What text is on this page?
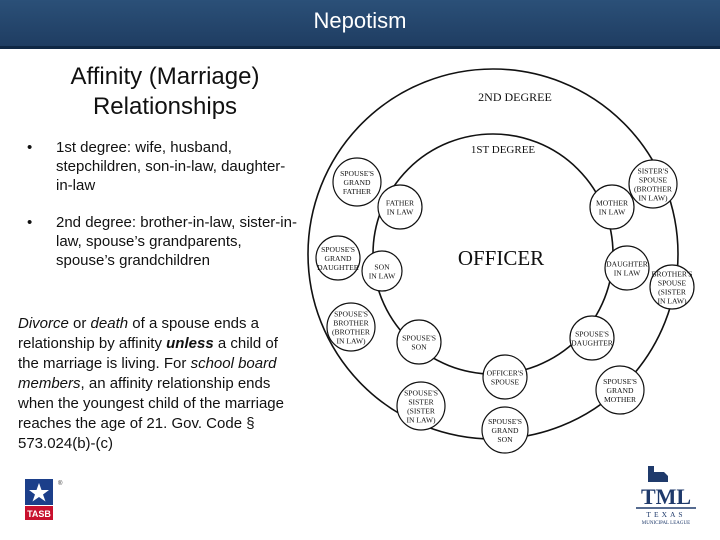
Nepotism
Affinity (Marriage)
Relationships
• 1st degree: wife, husband, stepchildren, son-in-law, daughter-in-law
• 2nd degree: brother-in-law, sister-in-law, spouse’s grandparents, spouse’s grandchildren

Divorce or death of a spouse ends a relationship by affinity unless a child of the marriage is living. For school board members, an affinity relationship ends when the youngest child of the marriage reaches the age of 21. Gov. Code § 573.024(b)-(c)

2ND DEGREE
1ST DEGREE
OFFICER
FATHER
IN LAW
MOTHER
IN LAW
SON
IN LAW
DAUGHTER
IN LAW
SPOUSE'S
SON
SPOUSE'S
DAUGHTER
OFFICER'S
SPOUSE
SPOUSE'S
GRAND
FATHER
SISTER'S
SPOUSE
(BROTHER
IN LAW)
SPOUSE'S
GRAND
DAUGHTER
BROTHER'S
SPOUSE
(SISTER
IN LAW)
SPOUSE'S
BROTHER
(BROTHER
IN LAW)
SPOUSE'S
GRAND
MOTHER
SPOUSE'S
SISTER
(SISTER
IN LAW)	SPOUSE'S
GRAND
SON
TASB
®	TML
TEXAS
MUNICIPAL LEAGUE
